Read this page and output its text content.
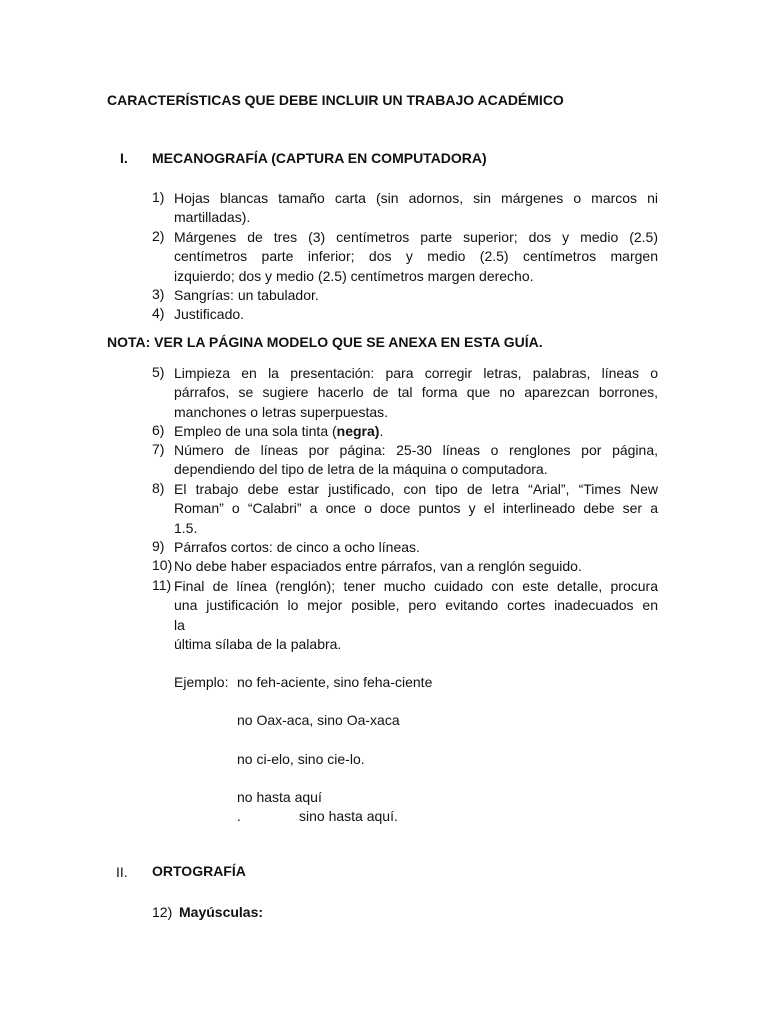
CARACTERÍSTICAS QUE DEBE INCLUIR UN TRABAJO ACADÉMICO
I. MECANOGRAFÍA (CAPTURA EN COMPUTADORA)
1) Hojas blancas tamaño carta (sin adornos, sin márgenes o marcos ni
martilladas).
2) Márgenes de tres (3) centímetros parte superior; dos y medio (2.5)
centímetros parte inferior; dos y medio (2.5) centímetros margen
izquierdo; dos y medio (2.5) centímetros margen derecho.
3) Sangrías: un tabulador.
4) Justificado.
NOTA: VER LA PÁGINA MODELO QUE SE ANEXA EN ESTA GUÍA.
5) Limpieza en la presentación: para corregir letras, palabras, líneas o
párrafos, se sugiere hacerlo de tal forma que no aparezcan borrones,
manchones o letras superpuestas.
6) Empleo de una sola tinta (negra).
7) Número de líneas por página: 25-30 líneas o renglones por página,
dependiendo del tipo de letra de la máquina o computadora.
8) El trabajo debe estar justificado, con tipo de letra “Arial”, “Times New
Roman” o “Calabri” a once o doce puntos y el interlineado debe ser a
1.5.
9) Párrafos cortos: de cinco a ocho líneas.
10) No debe haber espaciados entre párrafos, van a renglón seguido.
11) Final de línea (renglón); tener mucho cuidado con este detalle, procura
una justificación lo mejor posible, pero evitando cortes inadecuados en
la
última sílaba de la palabra.
Ejemplo: no feh-aciente, sino feha-ciente
no Oax-aca, sino Oa-xaca
no ci-elo, sino cie-lo.
no hasta aquí
.	sino hasta aquí.
II. ORTOGRAFÍA
12) Mayúsculas:
